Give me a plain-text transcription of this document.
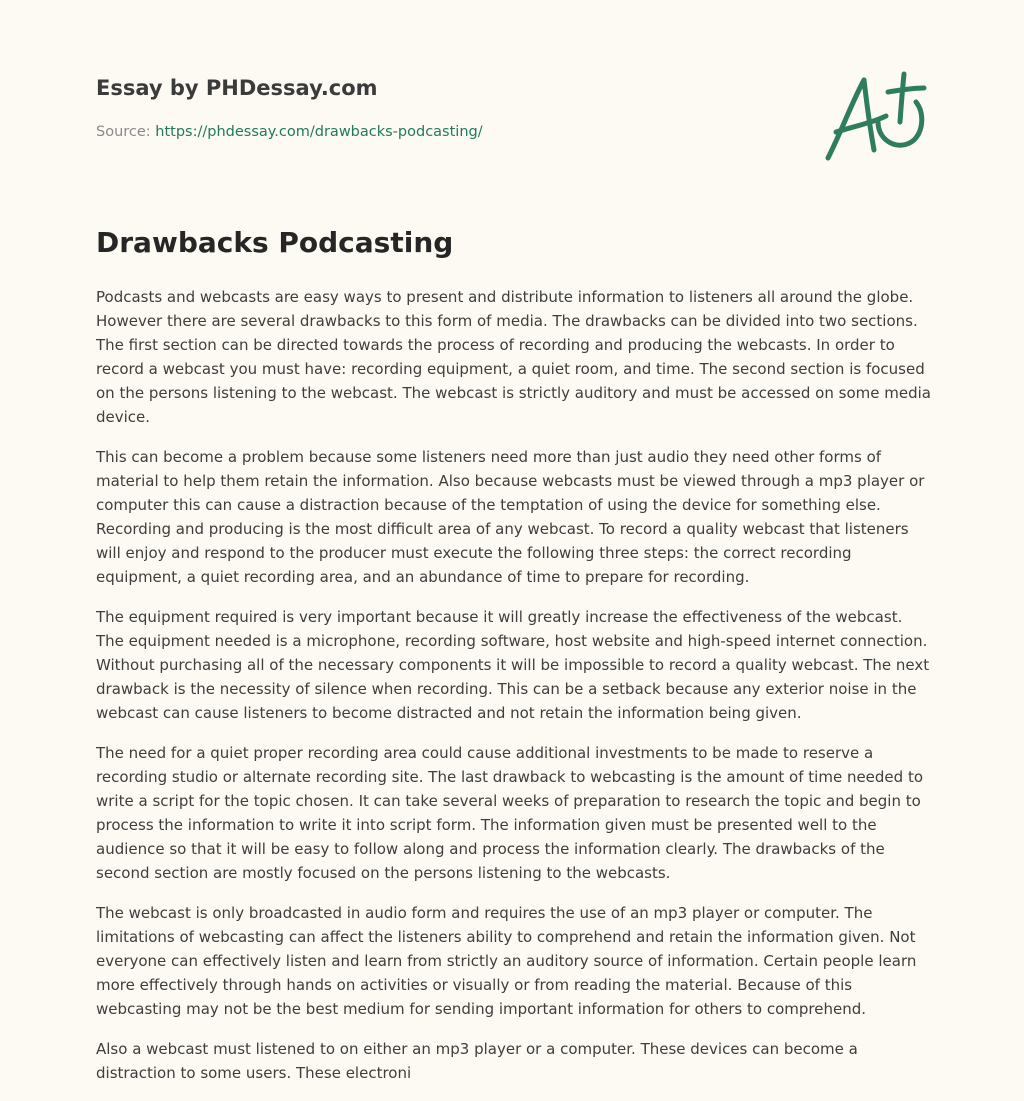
Essay by PHDessay.com
Source: https://phdessay.com/drawbacks-podcasting/
Drawbacks Podcasting

Podcasts and webcasts are easy ways to present and distribute information to listeners all around the globe. However there are several drawbacks to this form of media. The drawbacks can be divided into two sections. The first section can be directed towards the process of recording and producing the webcasts. In order to record a webcast you must have: recording equipment, a quiet room, and time. The second section is focused on the persons listening to the webcast. The webcast is strictly auditory and must be accessed on some media device.

This can become a problem because some listeners need more than just audio they need other forms of material to help them retain the information. Also because webcasts must be viewed through a mp3 player or computer this can cause a distraction because of the temptation of using the device for something else. Recording and producing is the most difficult area of any webcast. To record a quality webcast that listeners will enjoy and respond to the producer must execute the following three steps: the correct recording equipment, a quiet recording area, and an abundance of time to prepare for recording.

The equipment required is very important because it will greatly increase the effectiveness of the webcast. The equipment needed is a microphone, recording software, host website and high-speed internet connection. Without purchasing all of the necessary components it will be impossible to record a quality webcast. The next drawback is the necessity of silence when recording. This can be a setback because any exterior noise in the webcast can cause listeners to become distracted and not retain the information being given.

The need for a quiet proper recording area could cause additional investments to be made to reserve a recording studio or alternate recording site. The last drawback to webcasting is the amount of time needed to write a script for the topic chosen. It can take several weeks of preparation to research the topic and begin to process the information to write it into script form. The information given must be presented well to the audience so that it will be easy to follow along and process the information clearly. The drawbacks of the second section are mostly focused on the persons listening to the webcasts.

The webcast is only broadcasted in audio form and requires the use of an mp3 player or computer. The limitations of webcasting can affect the listeners ability to comprehend and retain the information given. Not everyone can effectively listen and learn from strictly an auditory source of information. Certain people learn more effectively through hands on activities or visually or from reading the material. Because of this webcasting may not be the best medium for sending important information for others to comprehend.

Also a webcast must listened to on either an mp3 player or a computer. These devices can become a distraction to some users. These electroni
